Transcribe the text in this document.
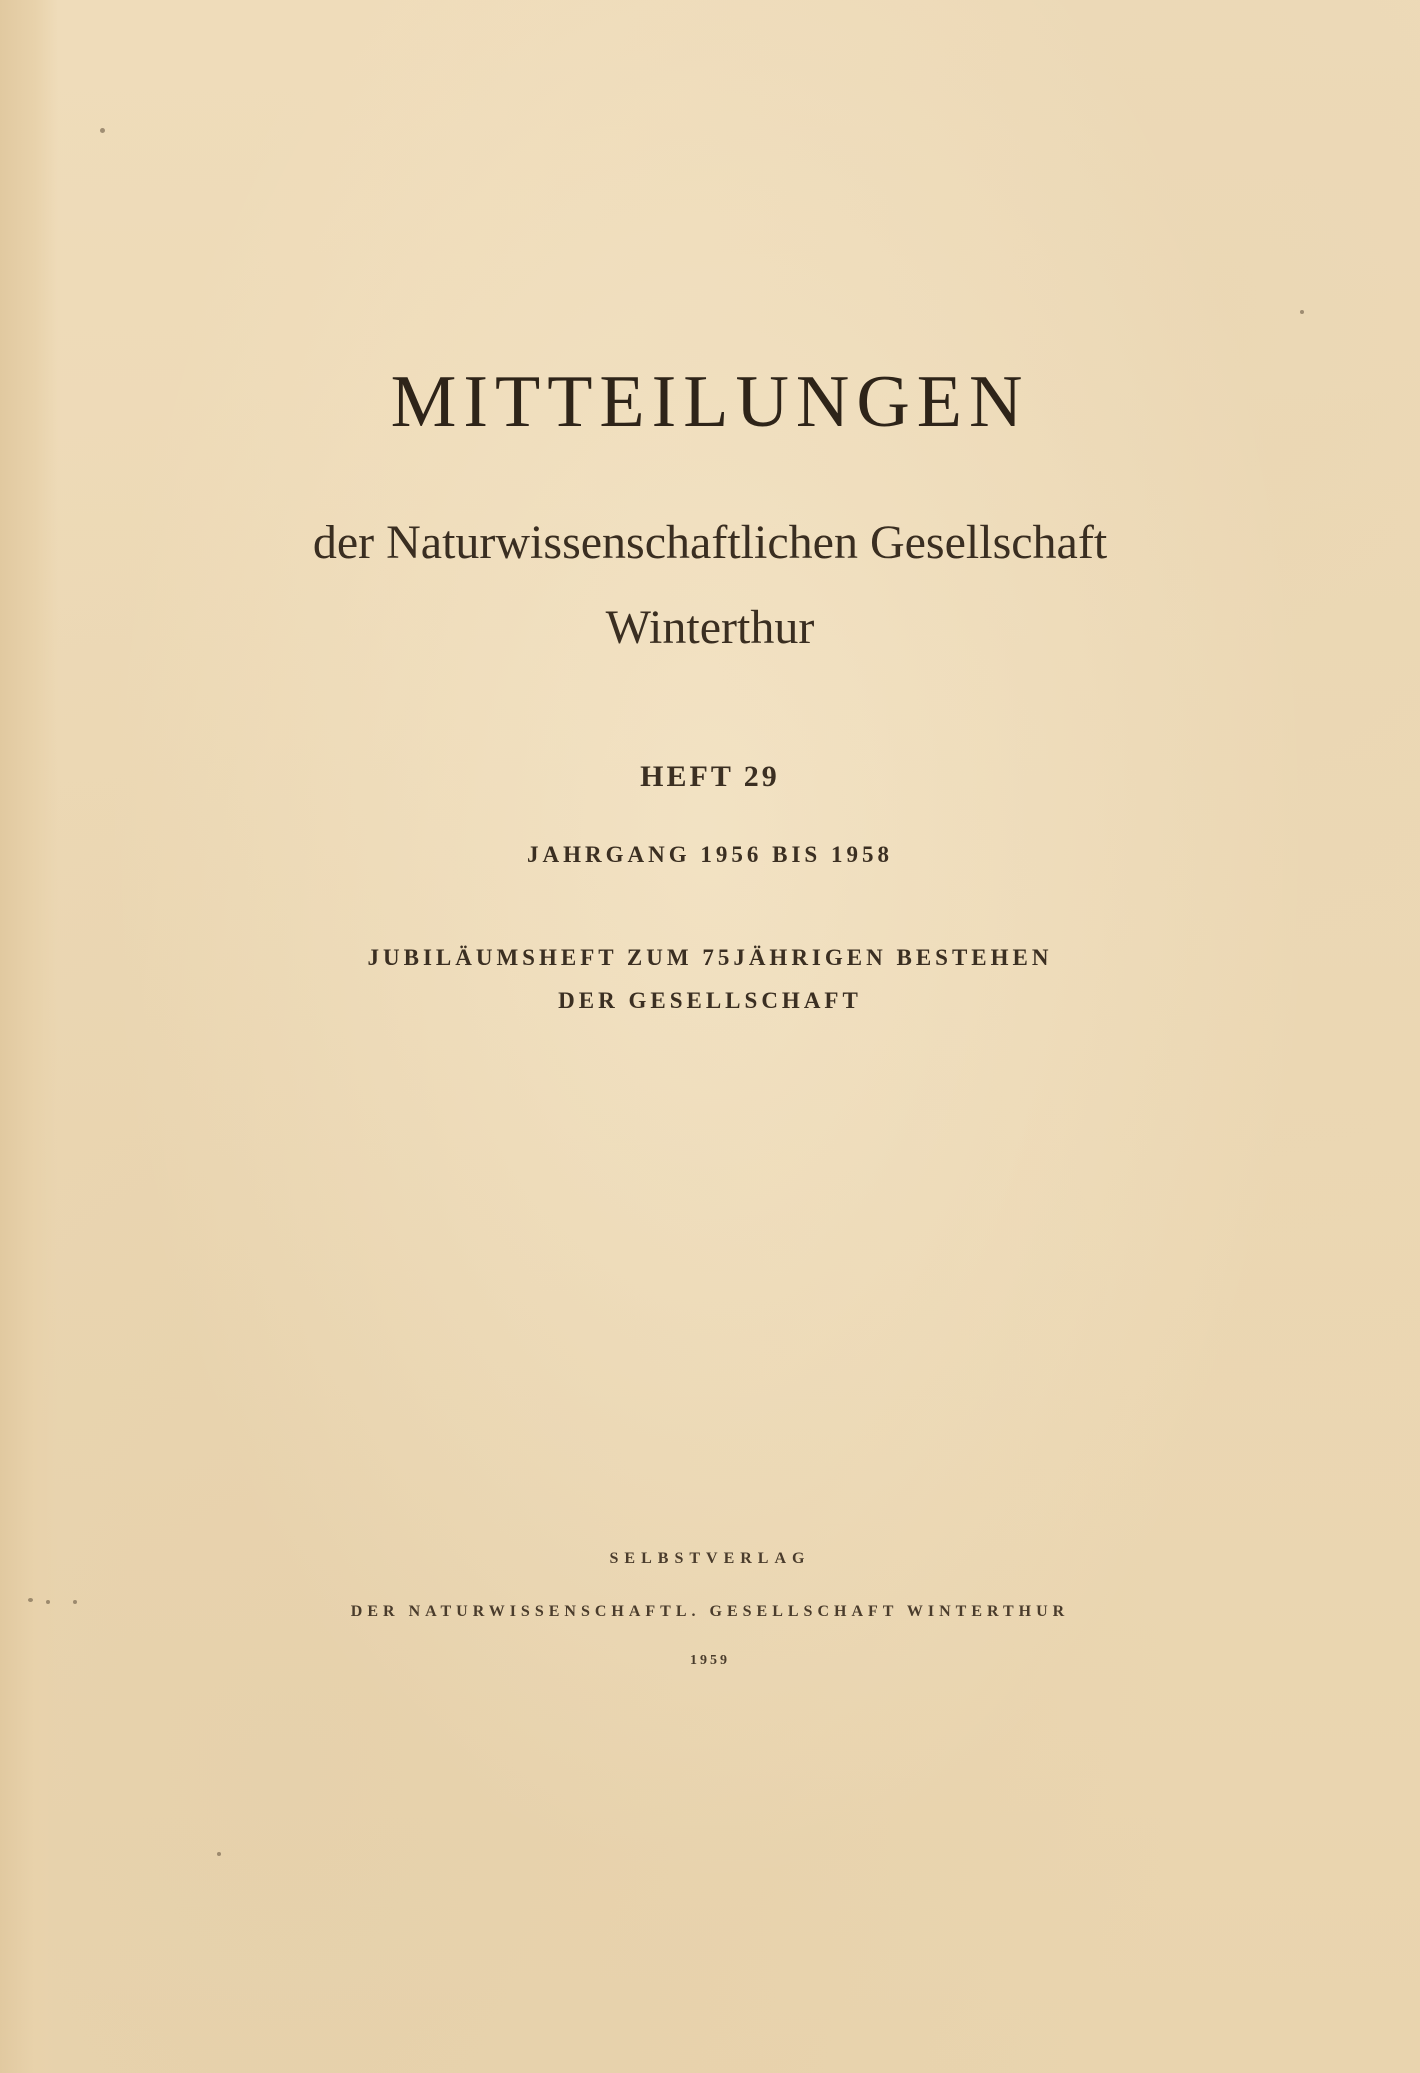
MITTEILUNGEN
der Naturwissenschaftlichen Gesellschaft
Winterthur
HEFT 29
JAHRGANG 1956 BIS 1958
JUBILÄUMSHEFT ZUM 75JÄHRIGEN BESTEHEN
DER GESELLSCHAFT
SELBSTVERLAG
DER NATURWISSENSCHAFTL. GESELLSCHAFT WINTERTHUR
1959
